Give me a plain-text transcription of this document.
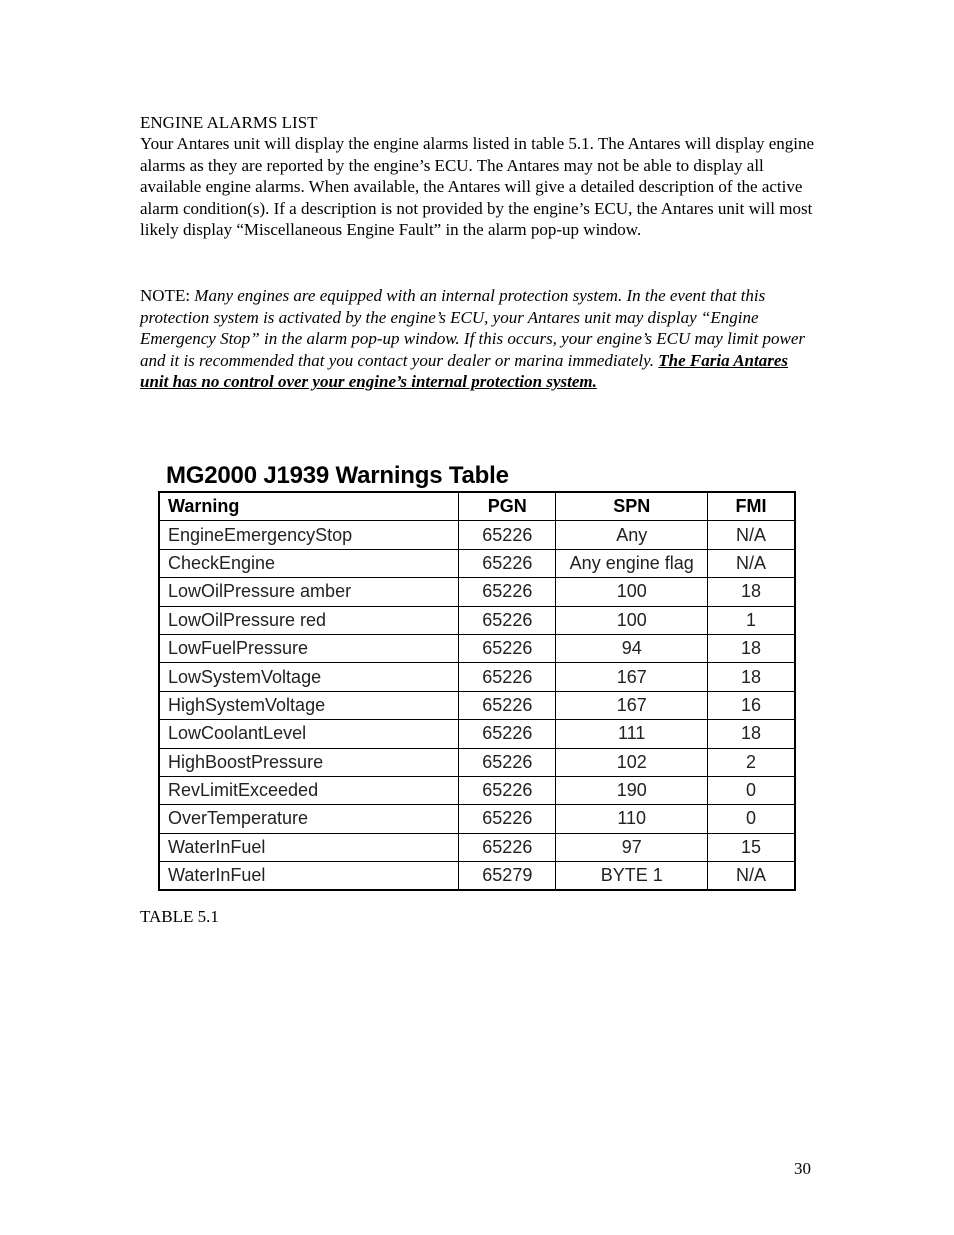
ENGINE ALARMS LIST
Your Antares unit will display the engine alarms listed in table 5.1. The Antares will display engine alarms as they are reported by the engine’s ECU. The Antares may not be able to display all available engine alarms. When available, the Antares will give a detailed description of the active alarm condition(s). If a description is not provided by the engine’s ECU, the Antares unit will most likely display “Miscellaneous Engine Fault” in the alarm pop-up window.
NOTE: Many engines are equipped with an internal protection system. In the event that this protection system is activated by the engine’s ECU, your Antares unit may display “Engine Emergency Stop” in the alarm pop-up window. If this occurs, your engine’s ECU may limit power and it is recommended that you contact your dealer or marina immediately. The Faria Antares unit has no control over your engine’s internal protection system.
MG2000 J1939 Warnings Table
Warning	PGN	SPN	FMI
EngineEmergencyStop	65226	Any	N/A
CheckEngine	65226	Any engine flag	N/A
LowOilPressure amber	65226	100	18
LowOilPressure red	65226	100	1
LowFuelPressure	65226	94	18
LowSystemVoltage	65226	167	18
HighSystemVoltage	65226	167	16
LowCoolantLevel	65226	111	18
HighBoostPressure	65226	102	2
RevLimitExceeded	65226	190	0
OverTemperature	65226	110	0
WaterInFuel	65226	97	15
WaterInFuel	65279	BYTE 1	N/A
TABLE 5.1
30
